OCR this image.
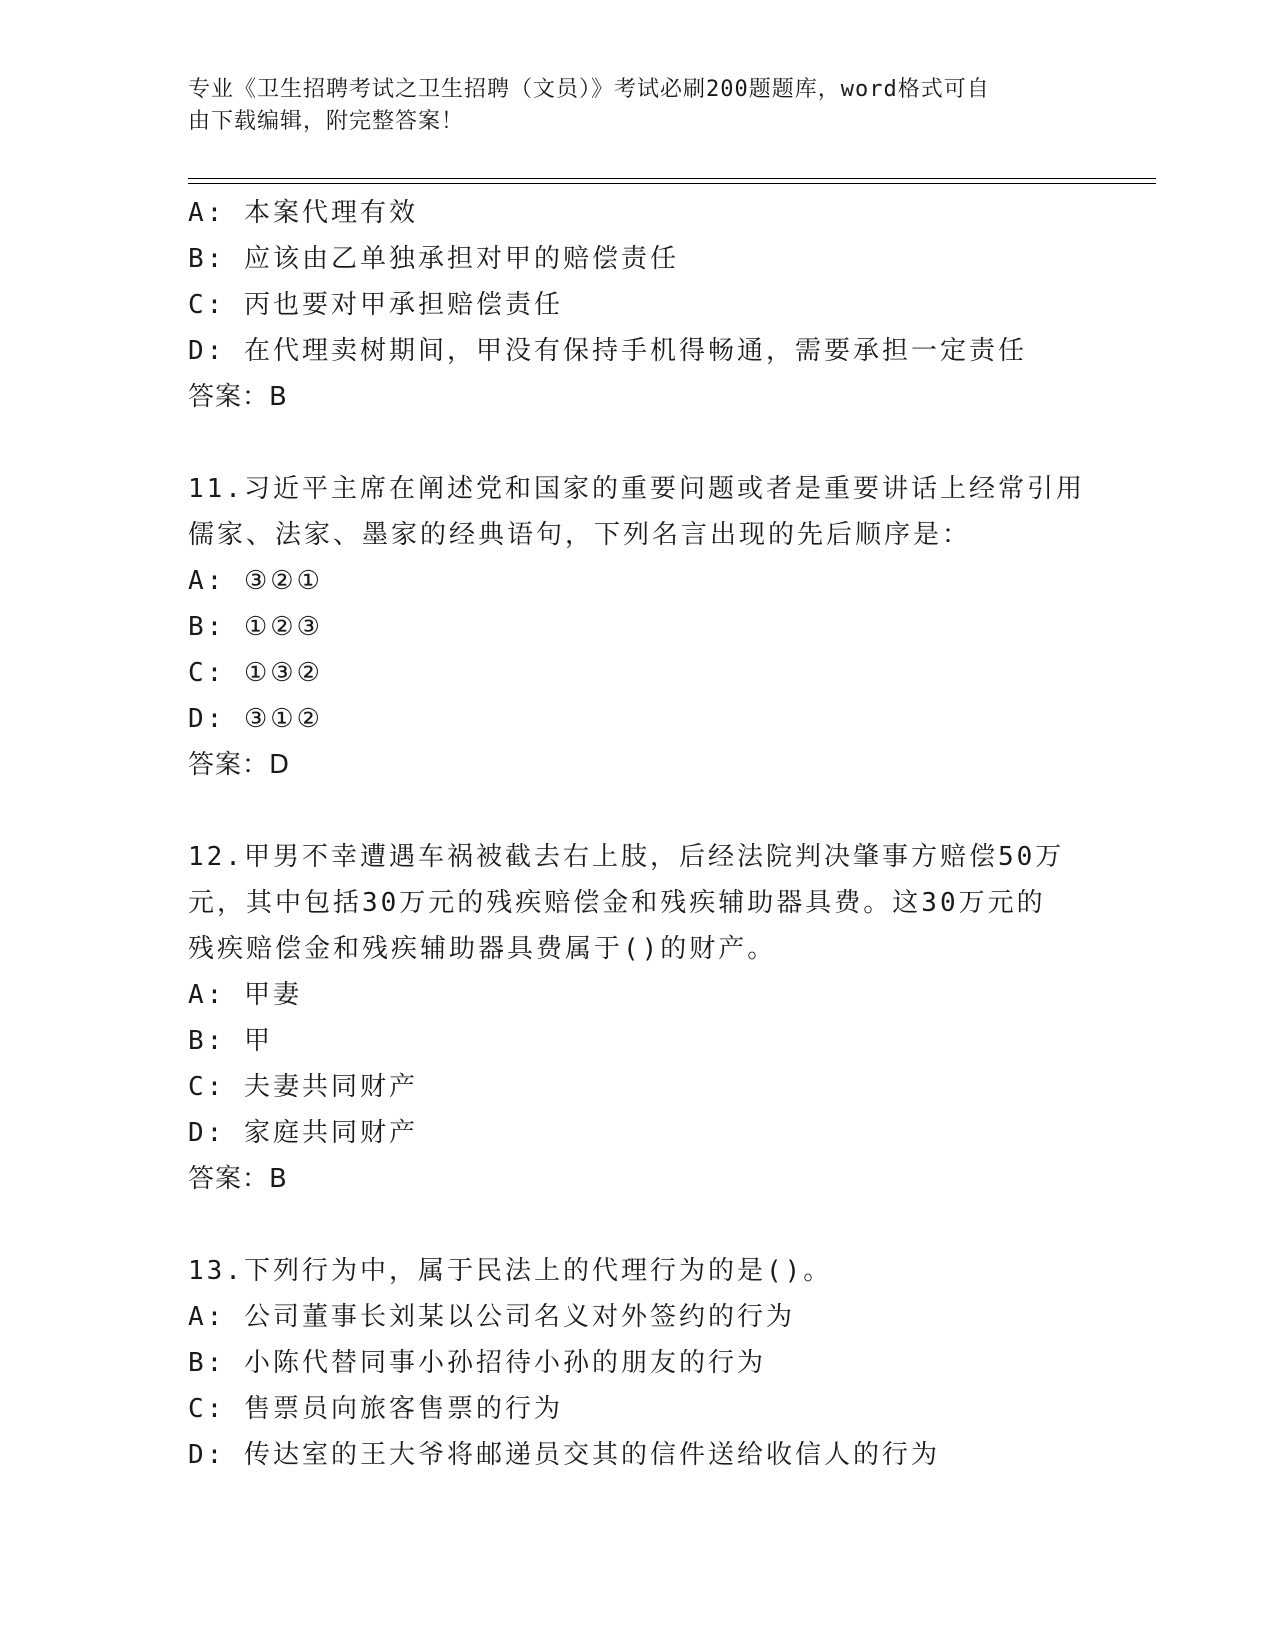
专业《卫生招聘考试之卫生招聘（文员）》考试必刷200题题库，word格式可自
由下载编辑，附完整答案！
A: 本案代理有效
B: 应该由乙单独承担对甲的赔偿责任
C: 丙也要对甲承担赔偿责任
D: 在代理卖树期间，甲没有保持手机得畅通，需要承担一定责任
答案：B
11.习近平主席在阐述党和国家的重要问题或者是重要讲话上经常引用
儒家、法家、墨家的经典语句，下列名言出现的先后顺序是：
A: ③②①
B: ①②③
C: ①③②
D: ③①②
答案：D
12.甲男不幸遭遇车祸被截去右上肢，后经法院判决肇事方赔偿50万
元，其中包括30万元的残疾赔偿金和残疾辅助器具费。这30万元的
残疾赔偿金和残疾辅助器具费属于()的财产。
A: 甲妻
B: 甲
C: 夫妻共同财产
D: 家庭共同财产
答案：B
13.下列行为中，属于民法上的代理行为的是()。
A: 公司董事长刘某以公司名义对外签约的行为
B: 小陈代替同事小孙招待小孙的朋友的行为
C: 售票员向旅客售票的行为
D: 传达室的王大爷将邮递员交其的信件送给收信人的行为
